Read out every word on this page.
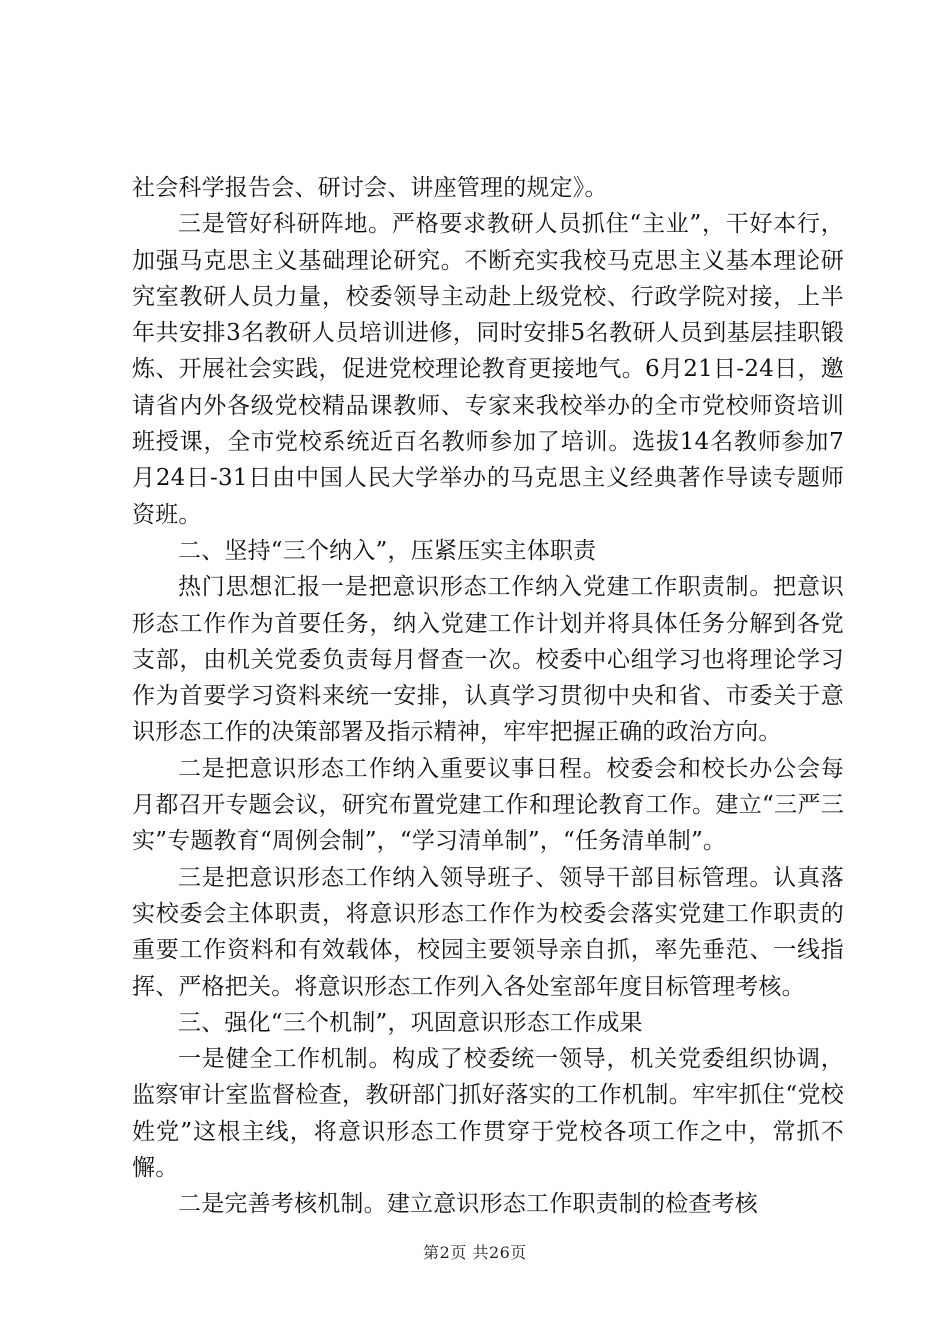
社会科学报告会、研讨会、讲座管理的规定》。

三是管好科研阵地。严格要求教研人员抓住“主业”，干好本行，加强马克思主义基础理论研究。不断充实我校马克思主义基本理论研究室教研人员力量，校委领导主动赴上级党校、行政学院对接，上半年共安排3名教研人员培训进修，同时安排5名教研人员到基层挂职锻炼、开展社会实践，促进党校理论教育更接地气。6月21日-24日，邀请省内外各级党校精品课教师、专家来我校举办的全市党校师资培训班授课，全市党校系统近百名教师参加了培训。选拔14名教师参加7月24日-31日由中国人民大学举办的马克思主义经典著作导读专题师资班。

二、坚持“三个纳入”，压紧压实主体职责

热门思想汇报一是把意识形态工作纳入党建工作职责制。把意识形态工作作为首要任务，纳入党建工作计划并将具体任务分解到各党支部，由机关党委负责每月督查一次。校委中心组学习也将理论学习作为首要学习资料来统一安排，认真学习贯彻中央和省、市委关于意识形态工作的决策部署及指示精神，牢牢把握正确的政治方向。

二是把意识形态工作纳入重要议事日程。校委会和校长办公会每月都召开专题会议，研究布置党建工作和理论教育工作。建立“三严三实”专题教育“周例会制”，“学习清单制”，“任务清单制”。

三是把意识形态工作纳入领导班子、领导干部目标管理。认真落实校委会主体职责，将意识形态工作作为校委会落实党建工作职责的重要工作资料和有效载体，校园主要领导亲自抓，率先垂范、一线指挥、严格把关。将意识形态工作列入各处室部年度目标管理考核。

三、强化“三个机制”，巩固意识形态工作成果

一是健全工作机制。构成了校委统一领导，机关党委组织协调，监察审计室监督检查，教研部门抓好落实的工作机制。牢牢抓住“党校姓党”这根主线，将意识形态工作贯穿于党校各项工作之中，常抓不懈。

二是完善考核机制。建立意识形态工作职责制的检查考核

第2页 共26页
